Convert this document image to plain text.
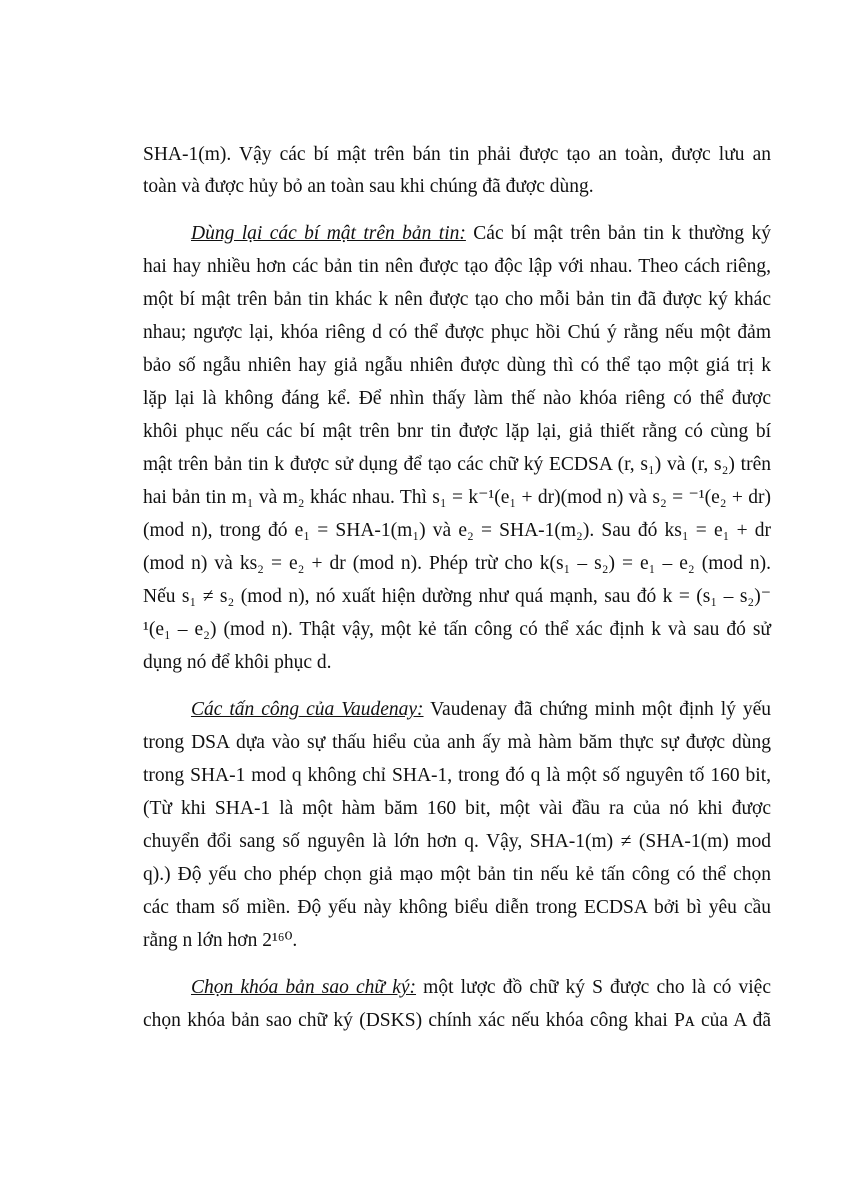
SHA-1(m). Vậy các bí mật trên bán tin phải được tạo an toàn, được lưu an
toàn và được hủy bỏ an toàn sau khi chúng đã được dùng.
Dùng lại các bí mật trên bản tin: Các bí mật trên bản tin k thường ký
hai hay nhiều hơn các bản tin nên được tạo độc lập với nhau. Theo cách riêng,
một bí mật trên bản tin khác k nên được tạo cho mỗi bản tin đã được ký khác
nhau; ngược lại, khóa riêng d có thể được phục hồi Chú ý rằng nếu một đảm
bảo số ngẫu nhiên hay giả ngẫu nhiên được dùng thì có thể tạo một giá trị k
lặp lại là không đáng kể. Để nhìn thấy làm thế nào khóa riêng có thể được
khôi phục nếu các bí mật trên bnr tin được lặp lại, giả thiết rằng có cùng bí
mật trên bản tin k được sử dụng để tạo các chữ ký ECDSA (r, s₁) và (r, s₂) trên
hai bản tin m₁ và m₂ khác nhau. Thì s₁ = k⁻¹(e₁ + dr)(mod n) và s₂ = ⁻¹(e₂ + dr)
(mod n), trong đó e₁ = SHA-1(m₁) và e₂ = SHA-1(m₂). Sau đó ks₁ = e₁ + dr
(mod n) và ks₂ = e₂ + dr (mod n). Phép trừ cho k(s₁ – s₂) = e₁ – e₂ (mod n).
Nếu s₁ ≠ s₂ (mod n), nó xuất hiện dường như quá mạnh, sau đó k = (s₁ – s₂)⁻
¹(e₁ – e₂) (mod n). Thật vậy, một kẻ tấn công có thể xác định k và sau đó sử
dụng nó để khôi phục d.
Các tấn công của Vaudenay: Vaudenay đã chứng minh một định lý yếu
trong DSA dựa vào sự thấu hiểu của anh ấy mà hàm băm thực sự được dùng
trong SHA-1 mod q không chỉ SHA-1, trong đó q là một số nguyên tố 160 bit,
(Từ khi SHA-1 là một hàm băm 160 bit, một vài đầu ra của nó khi được
chuyển đổi sang số nguyên là lớn hơn q. Vậy, SHA-1(m) ≠ (SHA-1(m) mod
q).) Độ yếu cho phép chọn giả mạo một bản tin nếu kẻ tấn công có thể chọn
các tham số miền. Độ yếu này không biểu diễn trong ECDSA bởi bì yêu cầu
rằng n lớn hơn 2¹⁶⁰.
Chọn khóa bản sao chữ ký: một lược đồ chữ ký S được cho là có việc
chọn khóa bản sao chữ ký (DSKS) chính xác nếu khóa công khai Pᴀ của A đã
